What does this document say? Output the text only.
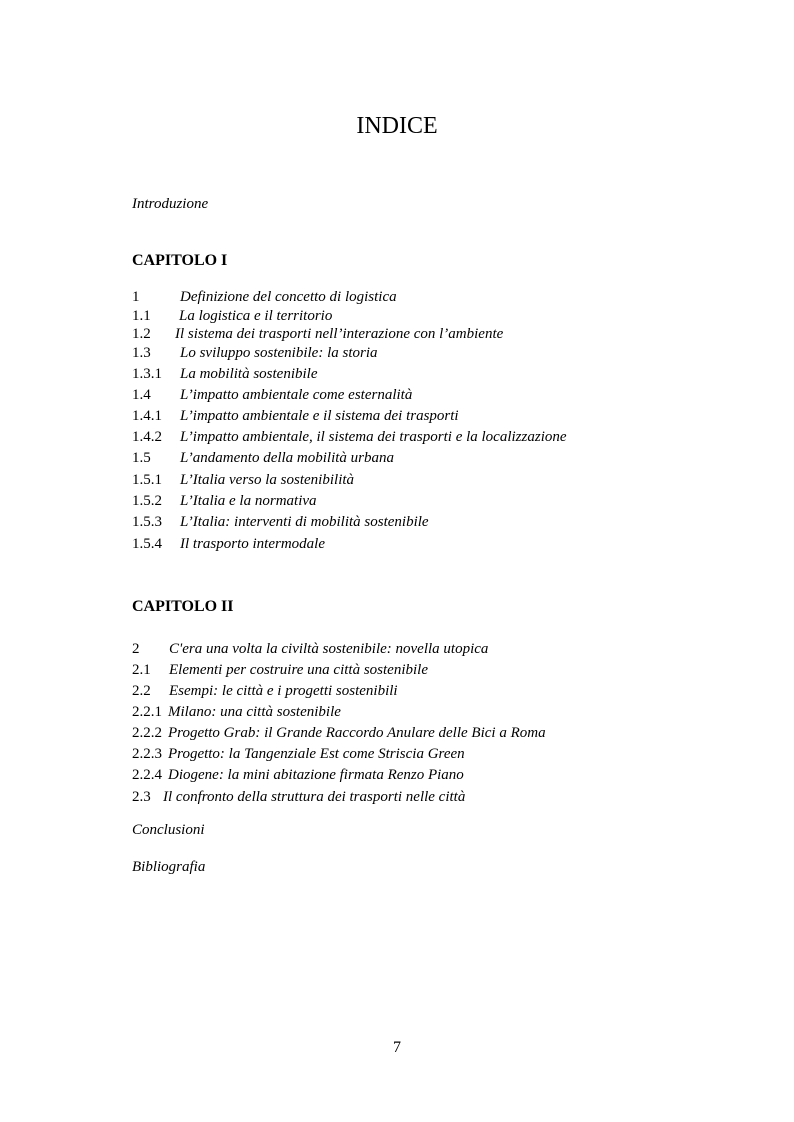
INDICE
Introduzione
CAPITOLO I
1	Definizione del concetto di logistica
1.1 La logistica e il territorio
1.2 Il sistema dei trasporti nell’interazione con l’ambiente
1.3 Lo sviluppo sostenibile: la storia
1.3.1 La mobilità sostenibile
1.4 L’impatto ambientale come esternalità
1.4.1 L’impatto ambientale e il sistema dei trasporti
1.4.2 L’impatto ambientale, il sistema dei trasporti e la localizzazione
1.5 L’andamento della mobilità urbana
1.5.1 L’Italia verso la sostenibilità
1.5.2 L’Italia e la normativa
1.5.3 L’Italia: interventi di mobilità sostenibile
1.5.4 Il trasporto intermodale
CAPITOLO II
2 C'era una volta la civiltà sostenibile: novella utopica
2.1 Elementi per costruire una città sostenibile
2.2 Esempi: le città e i progetti sostenibili
2.2.1 Milano: una città sostenibile
2.2.2 Progetto Grab: il Grande Raccordo Anulare delle Bici a Roma
2.2.3 Progetto: la Tangenziale Est come Striscia Green
2.2.4 Diogene: la mini abitazione firmata Renzo Piano
2.3 Il confronto della struttura dei trasporti nelle città
Conclusioni
Bibliografia
7
